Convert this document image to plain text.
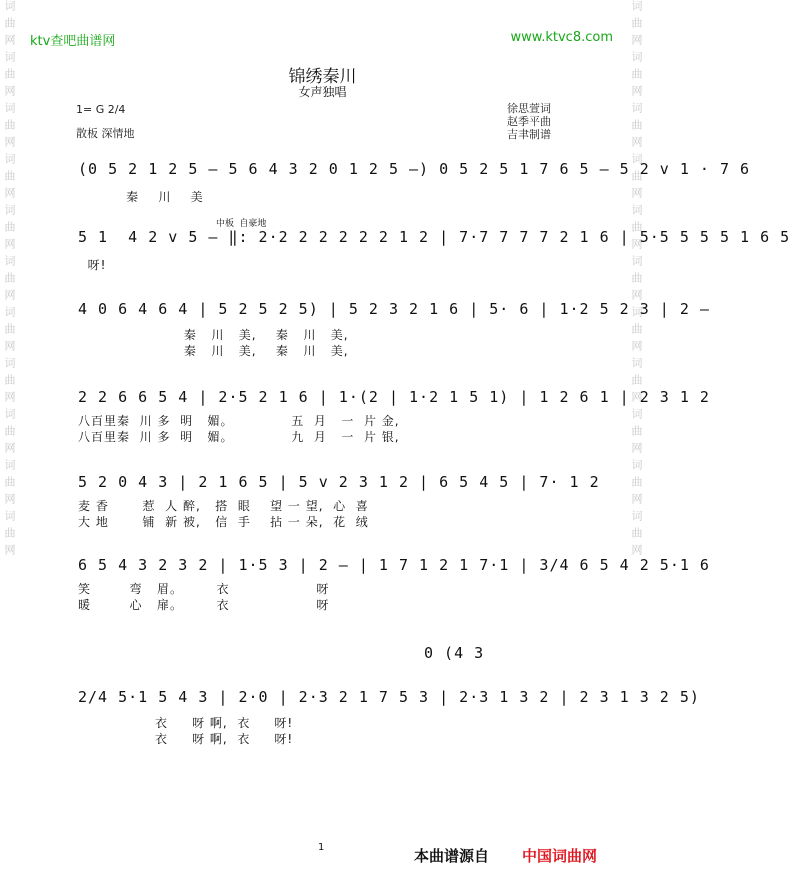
词曲网词曲网词曲网词曲网词曲网词曲网词曲网词曲网词曲网词曲网词曲网	词曲网词曲网词曲网词曲网词曲网词曲网词曲网词曲网词曲网词曲网词曲网
ktv查吧曲谱网	www.ktvc8.com
锦绣秦川
女声独唱
1= G 2/4
散板 深情地
徐思萱词
赵季平曲
吉聿制谱
(0 5 2 1 2 5 — 5 6 4 3 2 0 1 2 5 —) 0 5 2 5 1 7 6 5 — 5 2 v 1 · 7 6
秦    川    美
中板 自豪地
5 1  4 2 v 5 — ‖: 2·2 2 2 2 2 2 1 2 | 7·7 7 7 7 2 1 6 | 5·5 5 5 5 1 6 5
呀!
4 0 6 4 6 4 | 5 2 5 2 5) | 5 2 3 2 1 6 | 5· 6 | 1·2 5 2 3 | 2 —
秦   川   美,    秦   川   美,
秦   川   美,    秦   川   美,
2 2 6 6 5 4 | 2·5 2 1 6 | 1·(2 | 1·2 1 5 1) | 1 2 6 1 | 2 3 1 2
八百里秦  川 多  明   媚。            五  月   一  片 金,
八百里秦  川 多  明   媚。            九  月   一  片 银,
5 2 0 4 3 | 2 1 6 5 | 5 v 2 3 1 2 | 6 5 4 5 | 7· 1 2
麦 香       惹  人 醉,   搭  眼    望 一 望,  心  喜
大 地       铺  新 被,   信  手    拈 一 朵,  花  绒
6 5 4 3 2 3 2 | 1·5 3 | 2 — | 1 7 1 2 1 7·1 | 3/4 6 5 4 2 5·1 6
笑        弯   眉。       衣                  呀
暖        心   扉。       衣                  呀
0 (4 3
2/4 5·1 5 4 3 | 2·0 | 2·3 2 1 7 5 3 | 2·3 1 3 2 | 2 3 1 3 2 5)
衣     呀 啊,  衣     呀!
衣     呀 啊,  衣     呀!
1	本曲谱源自 中国词曲网
